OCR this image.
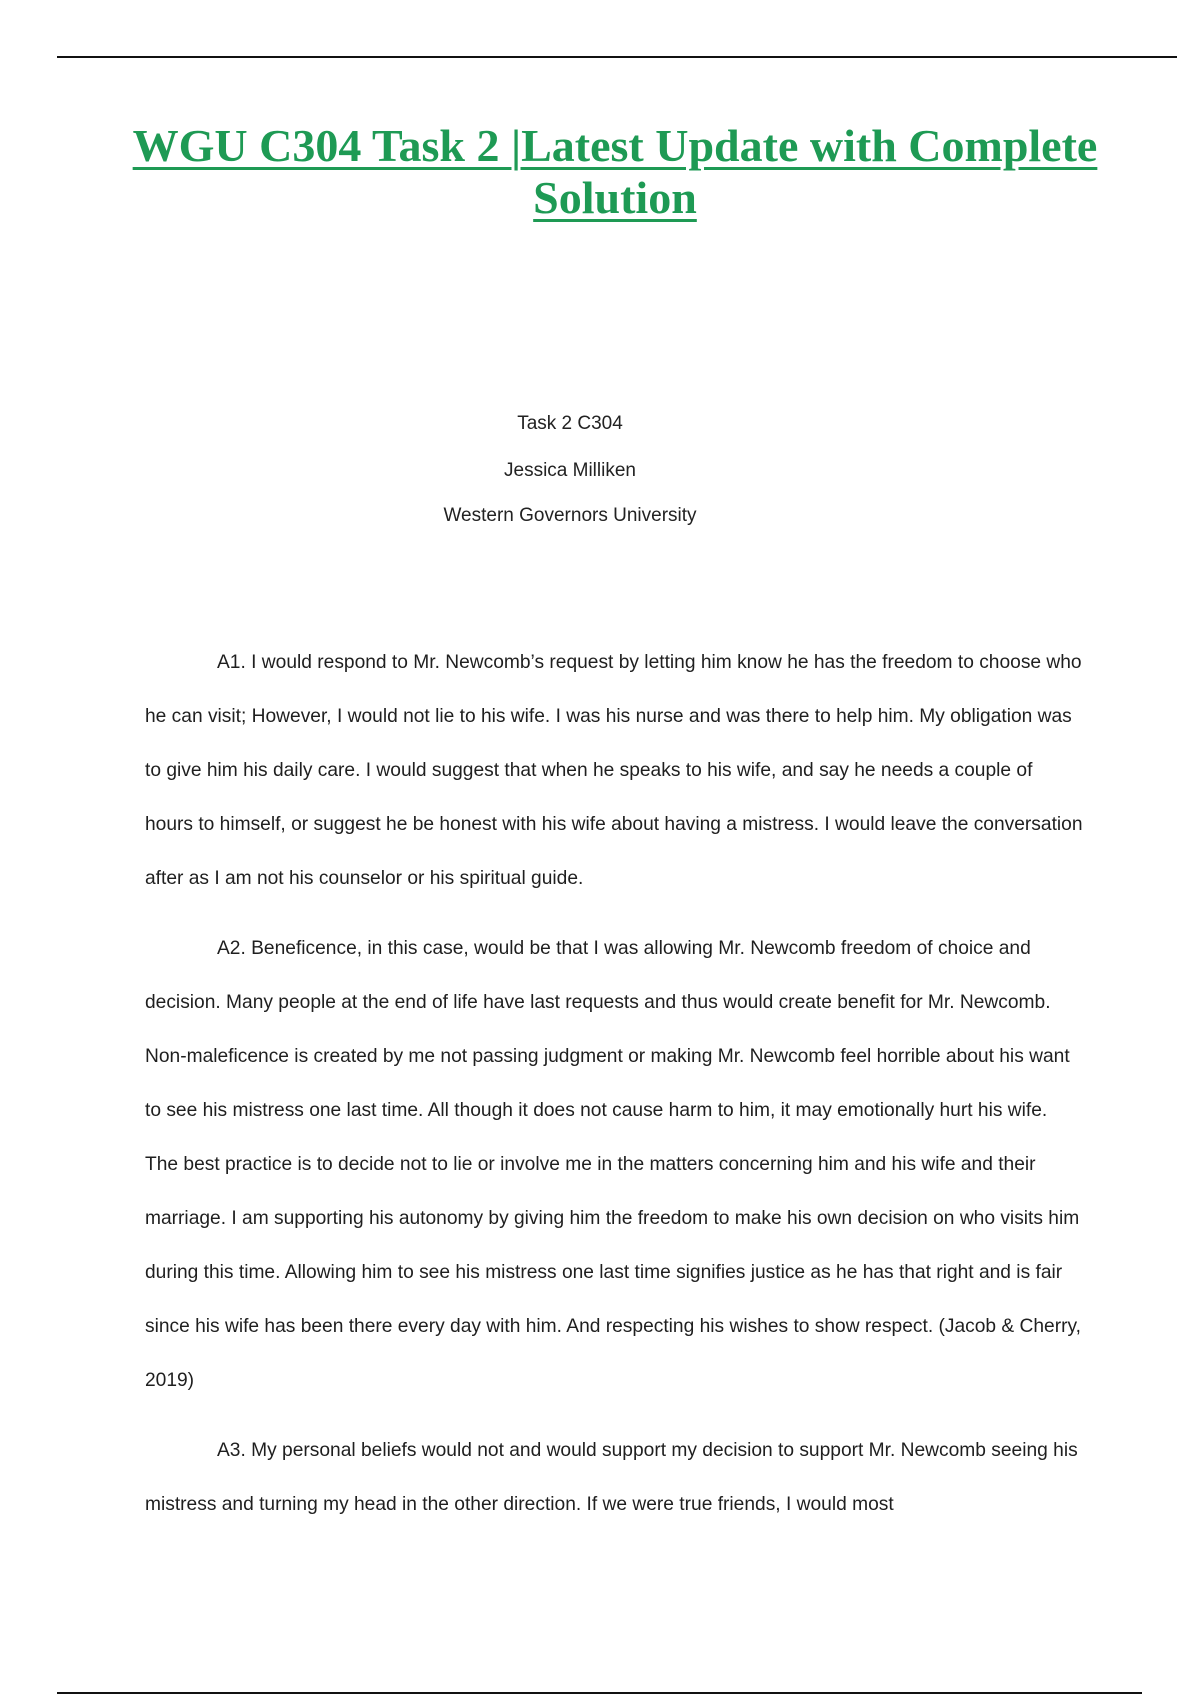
WGU C304 Task 2 |Latest Update with Complete Solution

Task 2 C304

Jessica Milliken

Western Governors University

A1. I would respond to Mr. Newcomb’s request by letting him know he has the freedom to choose who he can visit; However, I would not lie to his wife. I was his nurse and was there to help him. My obligation was to give him his daily care. I would suggest that when he speaks to his wife, and say he needs a couple of hours to himself, or suggest he be honest with his wife about having a mistress. I would leave the conversation after as I am not his counselor or his spiritual guide.

A2. Beneficence, in this case, would be that I was allowing Mr. Newcomb freedom of choice and decision. Many people at the end of life have last requests and thus would create benefit for Mr. Newcomb. Non-maleficence is created by me not passing judgment or making Mr. Newcomb feel horrible about his want to see his mistress one last time. All though it does not cause harm to him, it may emotionally hurt his wife. The best practice is to decide not to lie or involve me in the matters concerning him and his wife and their marriage. I am supporting his autonomy by giving him the freedom to make his own decision on who visits him during this time. Allowing him to see his mistress one last time signifies justice as he has that right and is fair since his wife has been there every day with him. And respecting his wishes to show respect. (Jacob & Cherry, 2019)

A3. My personal beliefs would not and would support my decision to support Mr. Newcomb seeing his mistress and turning my head in the other direction. If we were true friends, I would most
